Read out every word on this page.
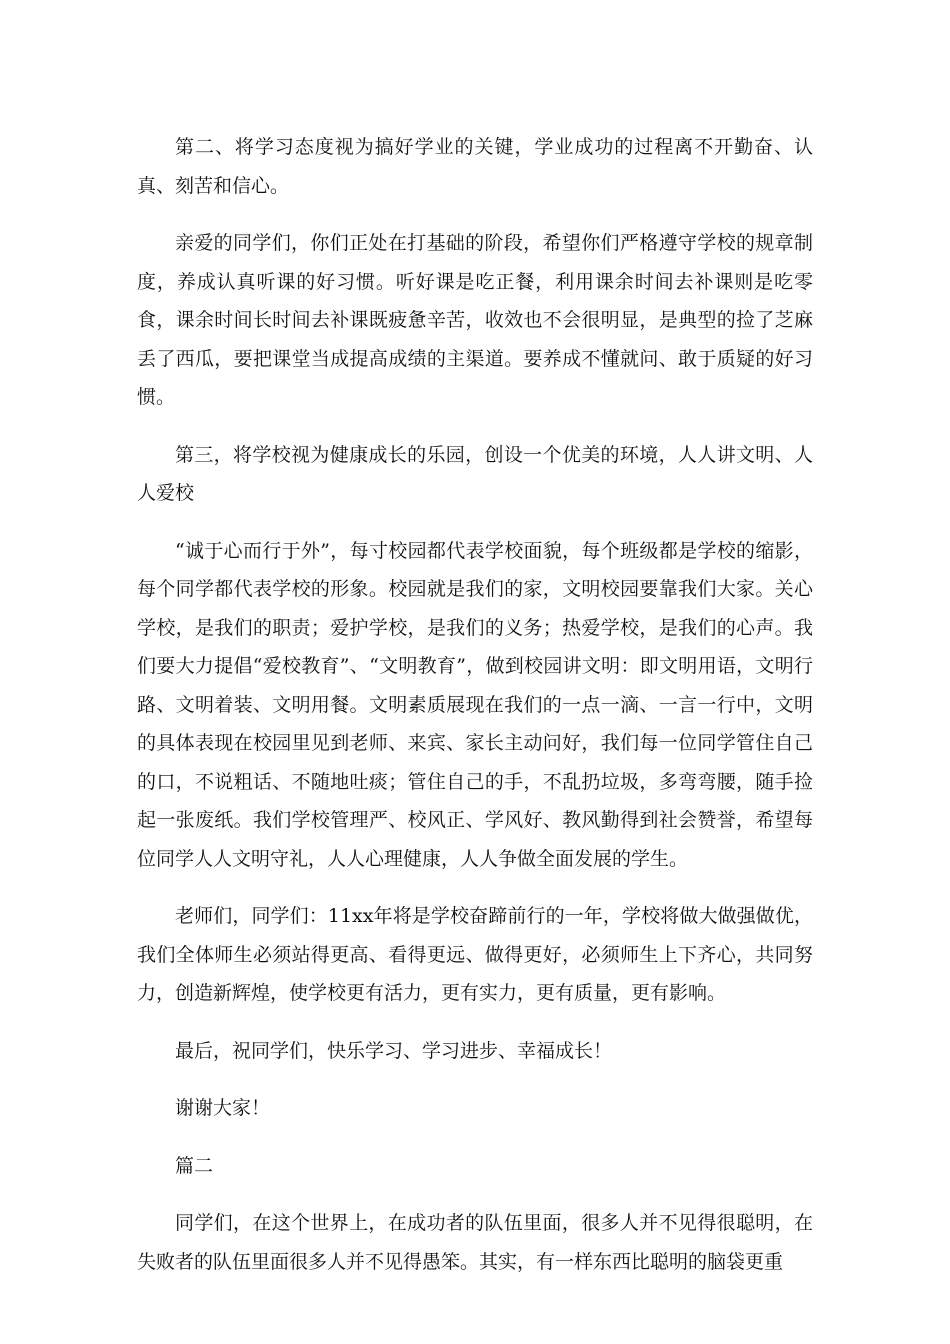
第二、将学习态度视为搞好学业的关键，学业成功的过程离不开勤奋、认真、刻苦和信心。

亲爱的同学们，你们正处在打基础的阶段，希望你们严格遵守学校的规章制度，养成认真听课的好习惯。听好课是吃正餐，利用课余时间去补课则是吃零食，课余时间长时间去补课既疲惫辛苦，收效也不会很明显，是典型的捡了芝麻丢了西瓜，要把课堂当成提高成绩的主渠道。要养成不懂就问、敢于质疑的好习惯。

第三，将学校视为健康成长的乐园，创设一个优美的环境，人人讲文明、人人爱校

“诚于心而行于外”，每寸校园都代表学校面貌，每个班级都是学校的缩影，每个同学都代表学校的形象。校园就是我们的家，文明校园要靠我们大家。关心学校，是我们的职责；爱护学校，是我们的义务；热爱学校，是我们的心声。我们要大力提倡“爱校教育”、“文明教育”，做到校园讲文明：即文明用语，文明行路、文明着装、文明用餐。文明素质展现在我们的一点一滴、一言一行中，文明的具体表现在校园里见到老师、来宾、家长主动问好，我们每一位同学管住自己的口，不说粗话、不随地吐痰；管住自己的手，不乱扔垃圾，多弯弯腰，随手捡起一张废纸。我们学校管理严、校风正、学风好、教风勤得到社会赞誉，希望每位同学人人文明守礼，人人心理健康，人人争做全面发展的学生。

老师们，同学们：11xx年将是学校奋蹄前行的一年，学校将做大做强做优，我们全体师生必须站得更高、看得更远、做得更好，必须师生上下齐心，共同努力，创造新辉煌，使学校更有活力，更有实力，更有质量，更有影响。

最后，祝同学们，快乐学习、学习进步、幸福成长！

谢谢大家！

篇二

同学们，在这个世界上，在成功者的队伍里面，很多人并不见得很聪明，在失败者的队伍里面很多人并不见得愚笨。其实，有一样东西比聪明的脑袋更重
